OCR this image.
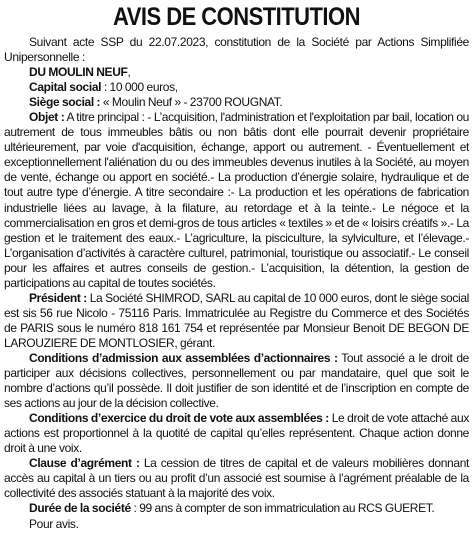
AVIS DE CONSTITUTION

Suivant acte SSP du 22.07.2023, constitution de la Société par Actions Simplifiée Unipersonnelle :

DU MOULIN NEUF,

Capital social : 10 000 euros,

Siège social : « Moulin Neuf » - 23700 ROUGNAT.

Objet : A titre principal : - L’acquisition, l'administration et l'exploitation par bail, location ou autrement de tous immeubles bâtis ou non bâtis dont elle pourrait devenir propriétaire ultérieurement, par voie d'acquisition, échange, apport ou autrement. - Éventuellement et exceptionnellement l'aliénation du ou des immeubles devenus inutiles à la Société, au moyen de vente, échange ou apport en société.- La production d’énergie solaire, hydraulique et de tout autre type d’énergie. A titre secondaire :- La production et les opérations de fabrication industrielle liées au lavage, à la filature, au retordage et à la teinte.- Le négoce et la commercialisation en gros et demi-gros de tous articles « textiles » et de « loisirs créatifs ».- La gestion et le traitement des eaux.- L’agriculture, la pisciculture, la sylviculture, et l’élevage.- L’organisation d’activités à caractère culturel, patrimonial, touristique ou associatif.- Le conseil pour les affaires et autres conseils de gestion.- L’acquisition, la détention, la gestion de participations au capital de toutes sociétés.

Président : La Société SHIMROD, SARL au capital de 10 000 euros, dont le siège social est sis 56 rue Nicolo - 75116 Paris. Immatriculée au Registre du Commerce et des Sociétés de PARIS sous le numéro 818 161 754 et représentée par Monsieur Benoit DE BEGON DE LAROUZIERE DE MONTLOSIER, gérant.

Conditions d’admission aux assemblées d’actionnaires : Tout associé a le droit de participer aux décisions collectives, personnellement ou par mandataire, quel que soit le nombre d’actions qu’il possède. Il doit justifier de son identité et de l’inscription en compte de ses actions au jour de la décision collective.

Conditions d’exercice du droit de vote aux assemblées : Le droit de vote attaché aux actions est proportionnel à la quotité de capital qu’elles représentent. Chaque action donne droit à une voix.

Clause d’agrément : La cession de titres de capital et de valeurs mobilières donnant accès au capital à un tiers ou au profit d’un associé est soumise à l’agrément préalable de la collectivité des associés statuant à la majorité des voix.

Durée de la société : 99 ans à compter de son immatriculation au RCS GUERET.

Pour avis.
